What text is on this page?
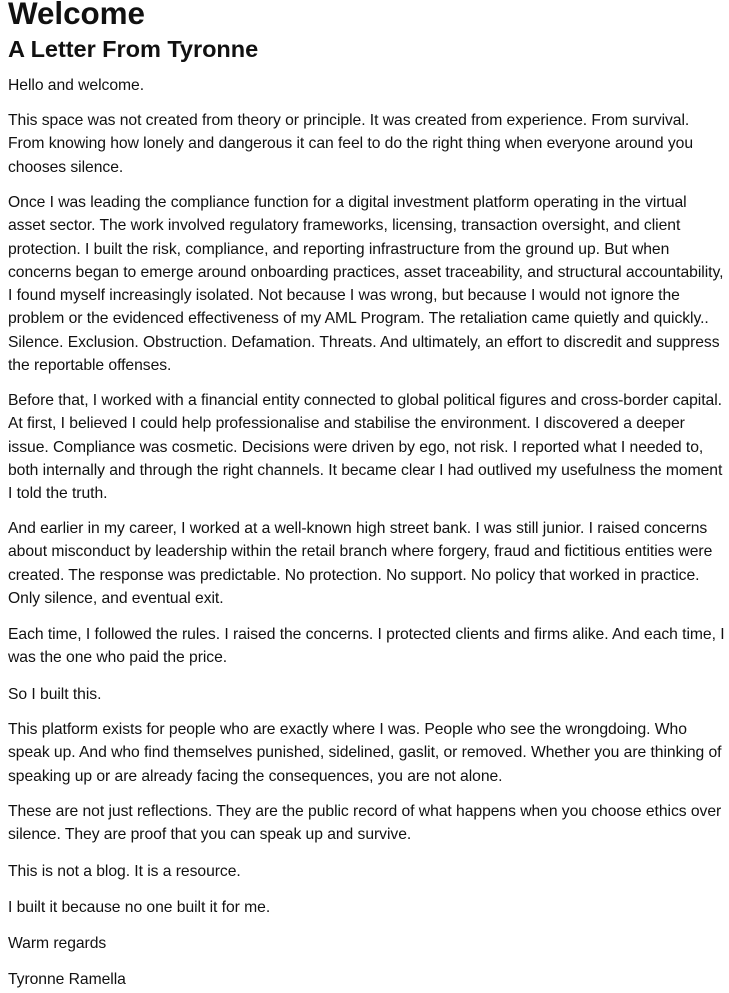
Welcome
A Letter From Tyronne

Hello and welcome.

This space was not created from theory or principle. It was created from experience. From survival. From knowing how lonely and dangerous it can feel to do the right thing when everyone around you chooses silence.

Once I was leading the compliance function for a digital investment platform operating in the virtual asset sector. The work involved regulatory frameworks, licensing, transaction oversight, and client protection. I built the risk, compliance, and reporting infrastructure from the ground up. But when concerns began to emerge around onboarding practices, asset traceability, and structural accountability, I found myself increasingly isolated. Not because I was wrong, but because I would not ignore the problem or the evidenced effectiveness of my AML Program. The retaliation came quietly and quickly.. Silence. Exclusion. Obstruction. Defamation. Threats. And ultimately, an effort to discredit and suppress the reportable offenses.

Before that, I worked with a financial entity connected to global political figures and cross-border capital. At first, I believed I could help professionalise and stabilise the environment. I discovered a deeper issue. Compliance was cosmetic. Decisions were driven by ego, not risk. I reported what I needed to, both internally and through the right channels. It became clear I had outlived my usefulness the moment I told the truth.

And earlier in my career, I worked at a well-known high street bank. I was still junior. I raised concerns about misconduct by leadership within the retail branch where forgery, fraud and fictitious entities were created. The response was predictable. No protection. No support. No policy that worked in practice. Only silence, and eventual exit.

Each time, I followed the rules. I raised the concerns. I protected clients and firms alike. And each time, I was the one who paid the price.

So I built this.

This platform exists for people who are exactly where I was. People who see the wrongdoing. Who speak up. And who find themselves punished, sidelined, gaslit, or removed. Whether you are thinking of speaking up or are already facing the consequences, you are not alone.

These are not just reflections. They are the public record of what happens when you choose ethics over silence. They are proof that you can speak up and survive.

This is not a blog. It is a resource.

I built it because no one built it for me.

Warm regards

Tyronne Ramella
